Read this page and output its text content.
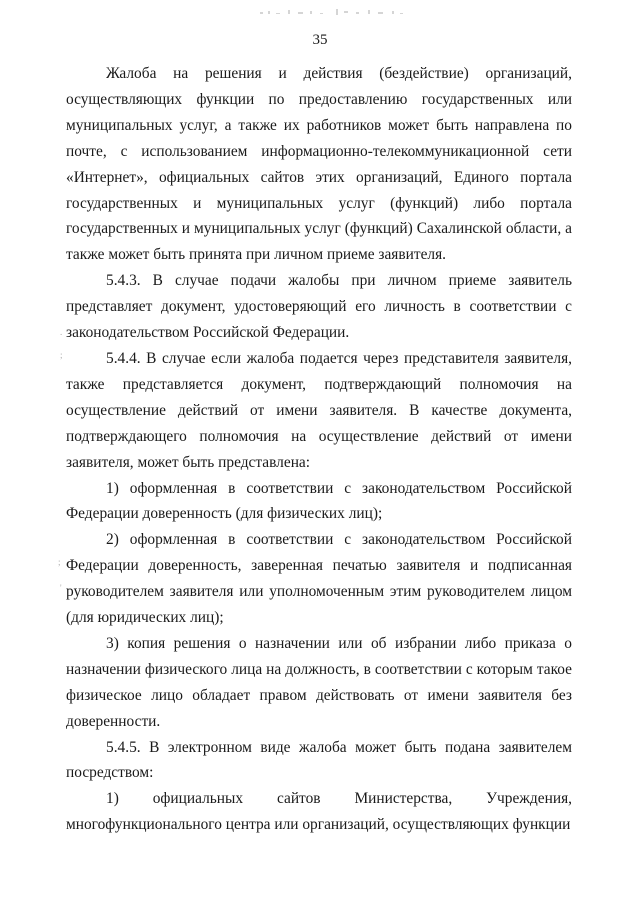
35
.
;
;
'

Жалоба на решения и действия (бездействие) организаций, осуществляющих функции по предоставлению государственных или муниципальных услуг, а также их работников может быть направлена по почте, с использованием информационно-телекоммуникационной сети «Интернет», официальных сайтов этих организаций, Единого портала государственных и муниципальных услуг (функций) либо портала государственных и муниципальных услуг (функций) Сахалинской области, а также может быть принята при личном приеме заявителя.

5.4.3. В случае подачи жалобы при личном приеме заявитель представляет документ, удостоверяющий его личность в соответствии с законодательством Российской Федерации.

5.4.4. В случае если жалоба подается через представителя заявителя, также представляется документ, подтверждающий полномочия на осуществление действий от имени заявителя. В качестве документа, подтверждающего полномочия на осуществление действий от имени заявителя, может быть представлена:

1) оформленная в соответствии с законодательством Российской Федерации доверенность (для физических лиц);

2) оформленная в соответствии с законодательством Российской Федерации доверенность, заверенная печатью заявителя и подписанная руководителем заявителя или уполномоченным этим руководителем лицом (для юридических лиц);

3) копия решения о назначении или об избрании либо приказа о назначении физического лица на должность, в соответствии с которым такое физическое лицо обладает правом действовать от имени заявителя без доверенности.

5.4.5. В электронном виде жалоба может быть подана заявителем посредством:

1) официальных сайтов Министерства, Учреждения, многофункционального центра или организаций, осуществляющих функции
